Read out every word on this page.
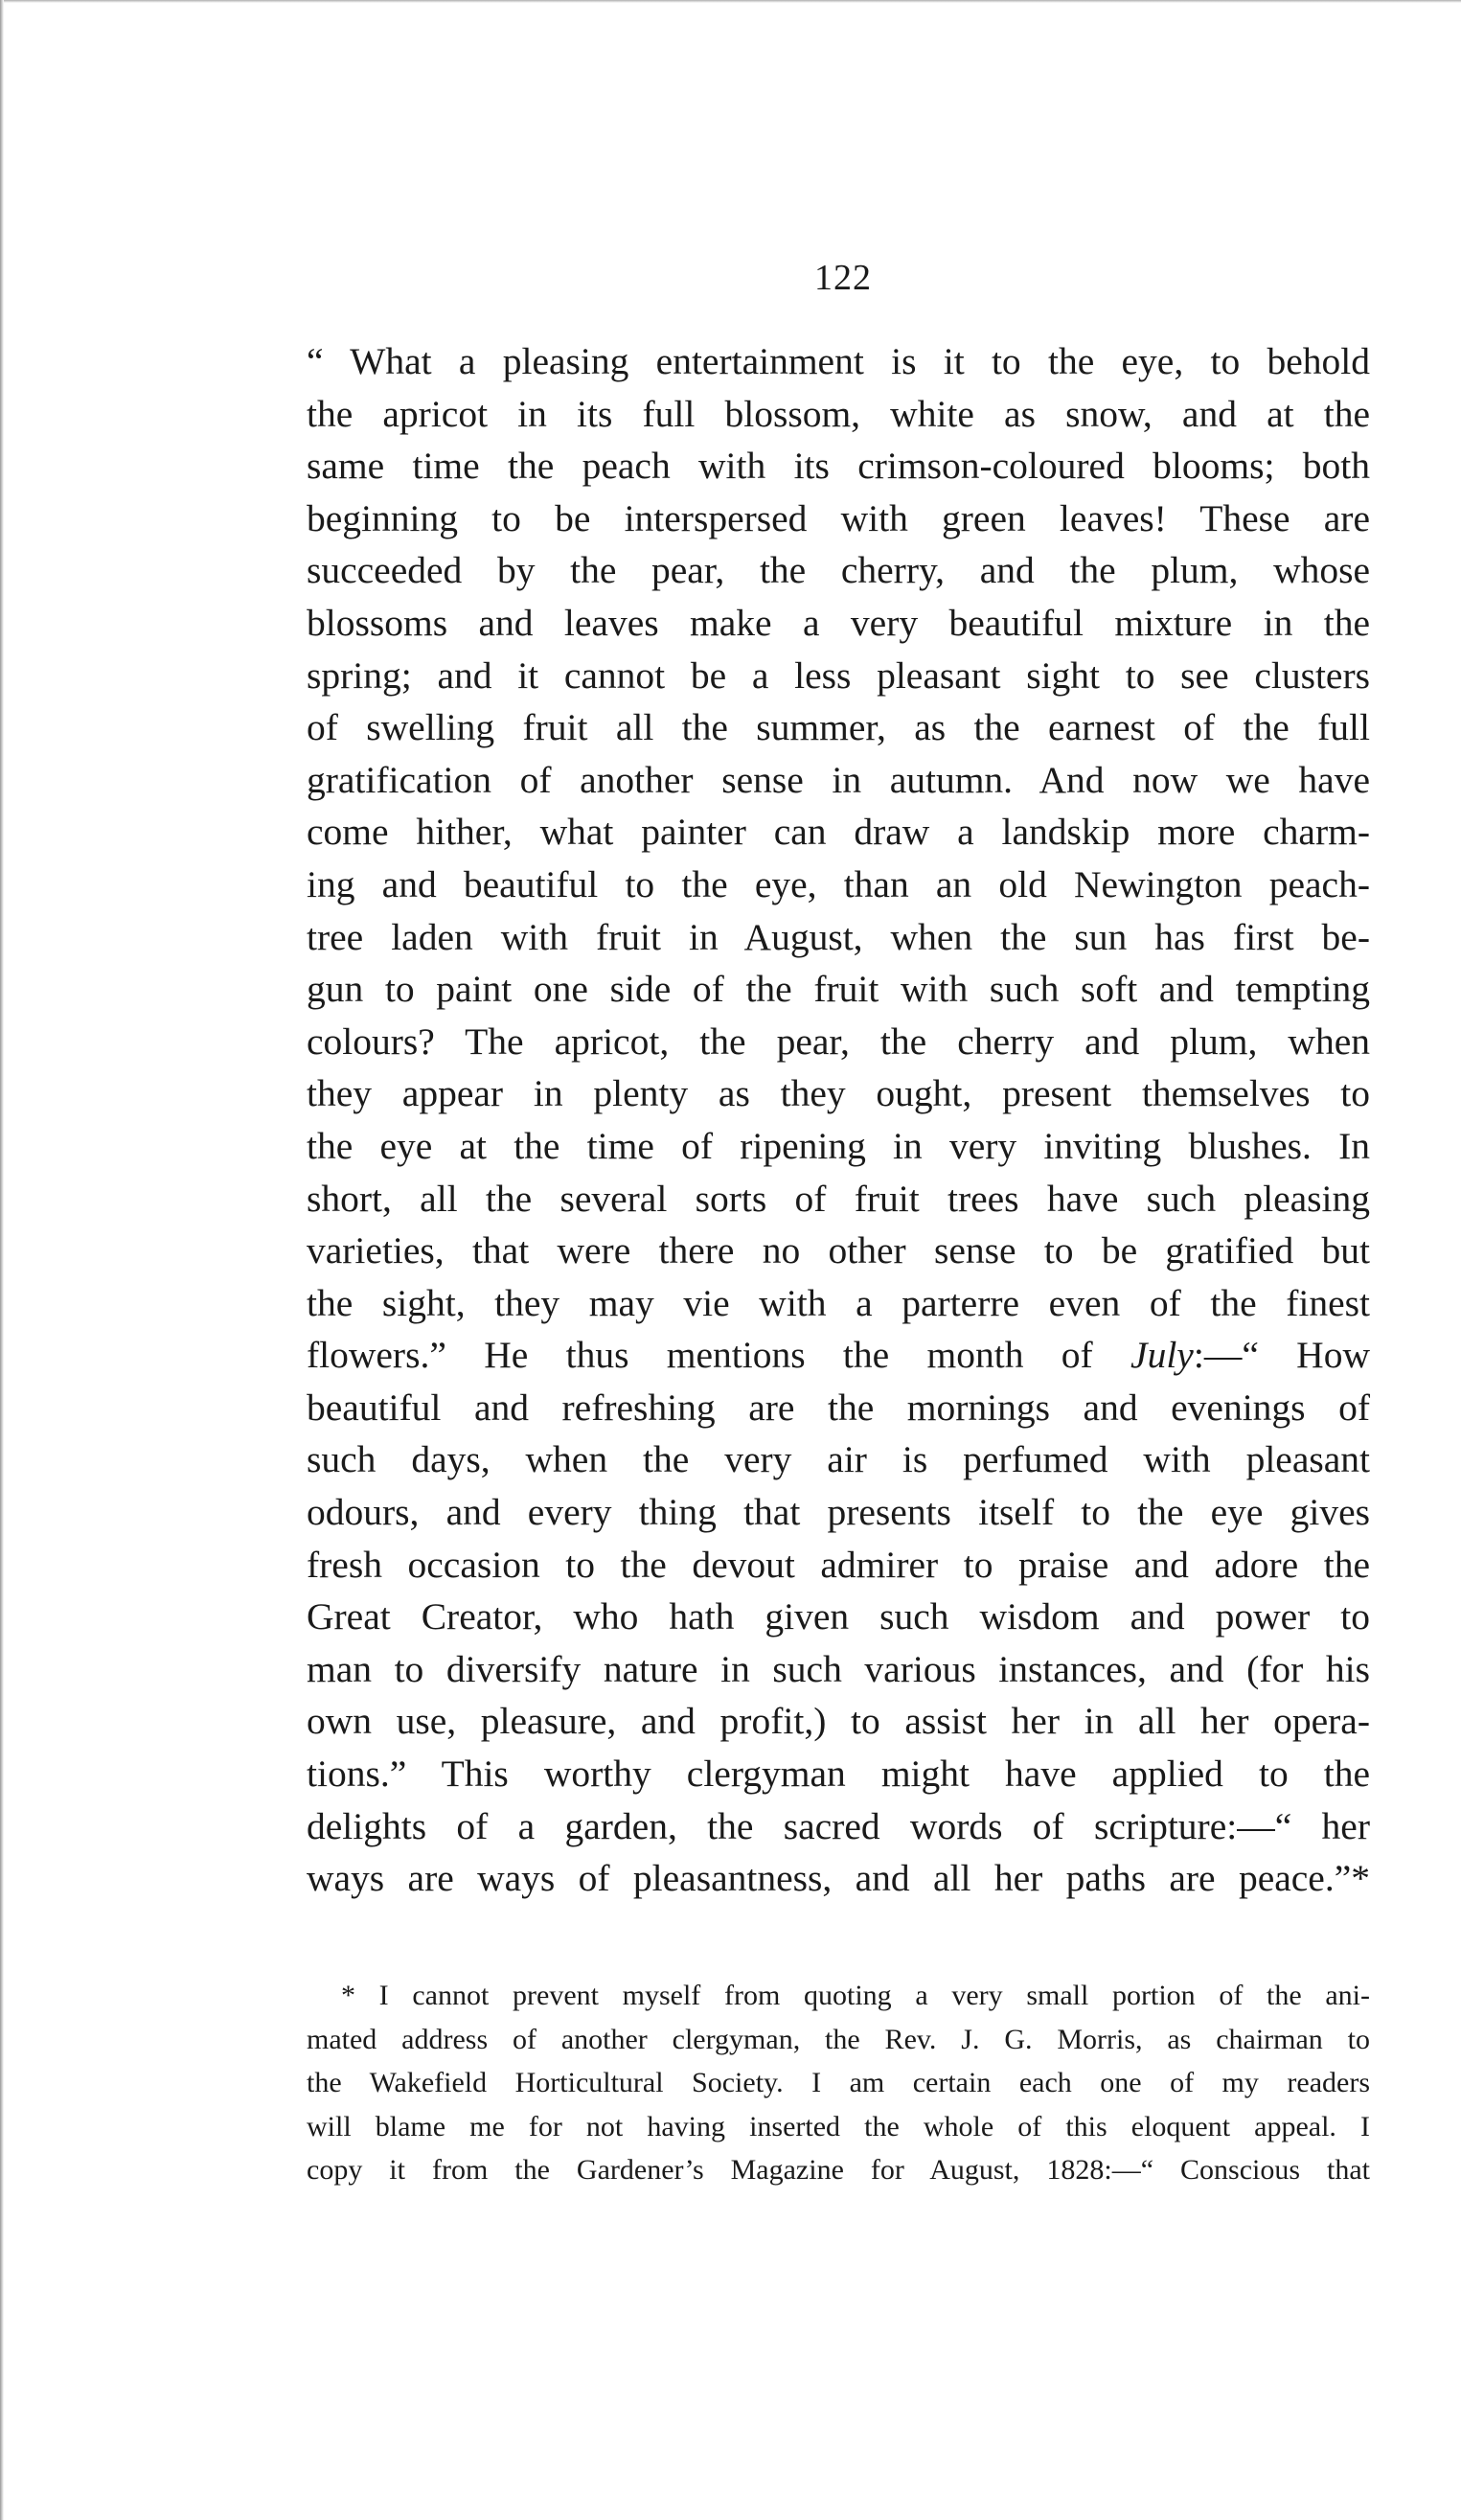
122
“ What a pleasing entertainment is it to the eye, to behold
the apricot in its full blossom, white as snow, and at the
same time the peach with its crimson-coloured blooms; both
beginning to be interspersed with green leaves! These are
succeeded by the pear, the cherry, and the plum, whose
blossoms and leaves make a very beautiful mixture in the
spring; and it cannot be a less pleasant sight to see clusters
of swelling fruit all the summer, as the earnest of the full
gratification of another sense in autumn. And now we have
come hither, what painter can draw a landskip more charm-
ing and beautiful to the eye, than an old Newington peach-
tree laden with fruit in August, when the sun has first be-
gun to paint one side of the fruit with such soft and tempting
colours? The apricot, the pear, the cherry and plum, when
they appear in plenty as they ought, present themselves to
the eye at the time of ripening in very inviting blushes. In
short, all the several sorts of fruit trees have such pleasing
varieties, that were there no other sense to be gratified but
the sight, they may vie with a parterre even of the finest
flowers.” He thus mentions the month of July:—“ How
beautiful and refreshing are the mornings and evenings of
such days, when the very air is perfumed with pleasant
odours, and every thing that presents itself to the eye gives
fresh occasion to the devout admirer to praise and adore the
Great Creator, who hath given such wisdom and power to
man to diversify nature in such various instances, and (for his
own use, pleasure, and profit,) to assist her in all her opera-
tions.” This worthy clergyman might have applied to the
delights of a garden, the sacred words of scripture:—“ her
ways are ways of pleasantness, and all her paths are peace.”*
* I cannot prevent myself from quoting a very small portion of the ani-
mated address of another clergyman, the Rev. J. G. Morris, as chairman to
the Wakefield Horticultural Society. I am certain each one of my readers
will blame me for not having inserted the whole of this eloquent appeal. I
copy it from the Gardener’s Magazine for August, 1828:—“ Conscious that
